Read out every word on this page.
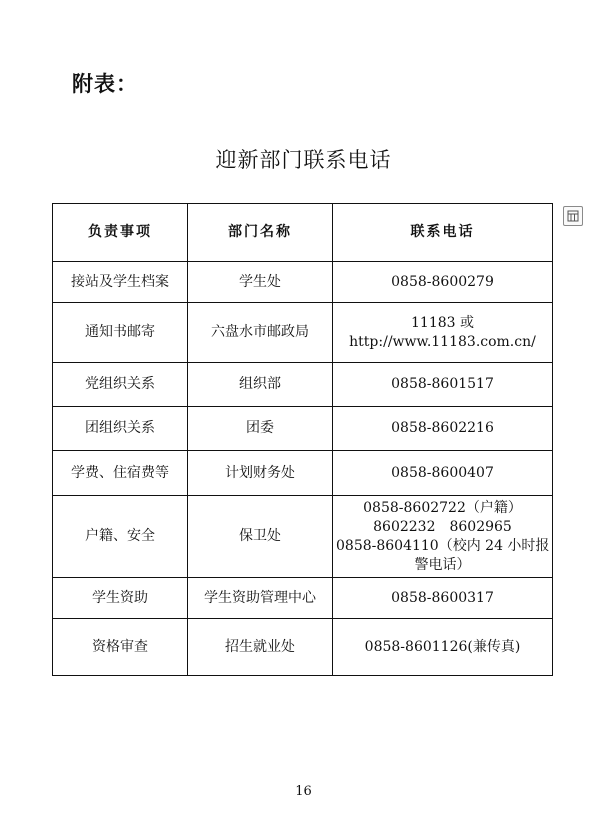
附表：
迎新部门联系电话
负责事项	部门名称	联系电话
接站及学生档案	学生处	0858-8600279

通知书邮寄	六盘水市邮政局	11183 或
http://www.11183.com.cn/

党组织关系	组织部	0858-8601517

团组织关系	团委	0858-8602216

学费、住宿费等	计划财务处	0858-8600407

户籍、安全	保卫处	0858-8602722（户籍）
8602232　8602965
0858-8604110（校内 24 小时报
警电话）

学生资助	学生资助管理中心	0858-8600317

资格审查	招生就业处	0858-8601126(兼传真)
16
